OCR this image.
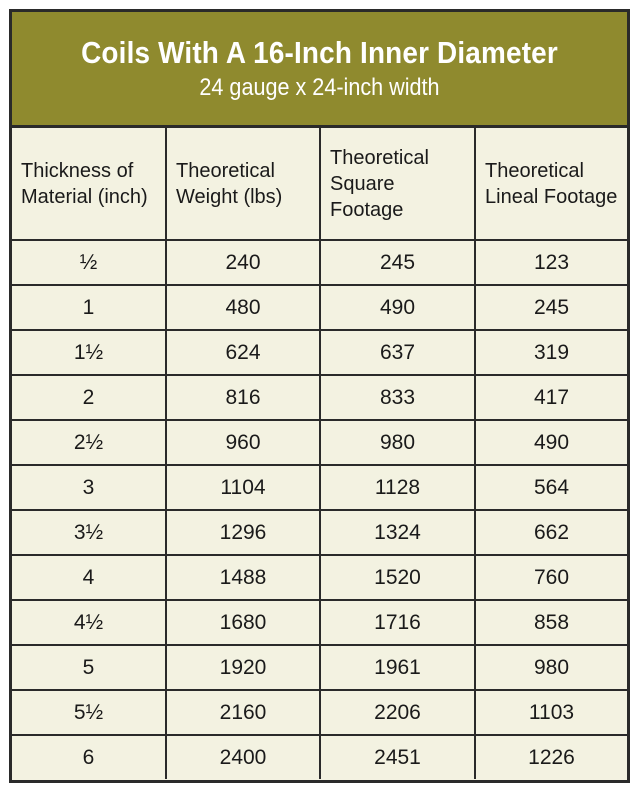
Coils With A 16-Inch Inner Diameter
24 gauge x 24-inch width
Thickness of Material (inch)	Theoretical Weight (lbs)	Theoretical Square Footage	Theoretical Lineal Footage
½	240	245	123
1	480	490	245
1½	624	637	319
2	816	833	417
2½	960	980	490
3	1104	1128	564
3½	1296	1324	662
4	1488	1520	760
4½	1680	1716	858
5	1920	1961	980
5½	2160	2206	1103
6	2400	2451	1226
